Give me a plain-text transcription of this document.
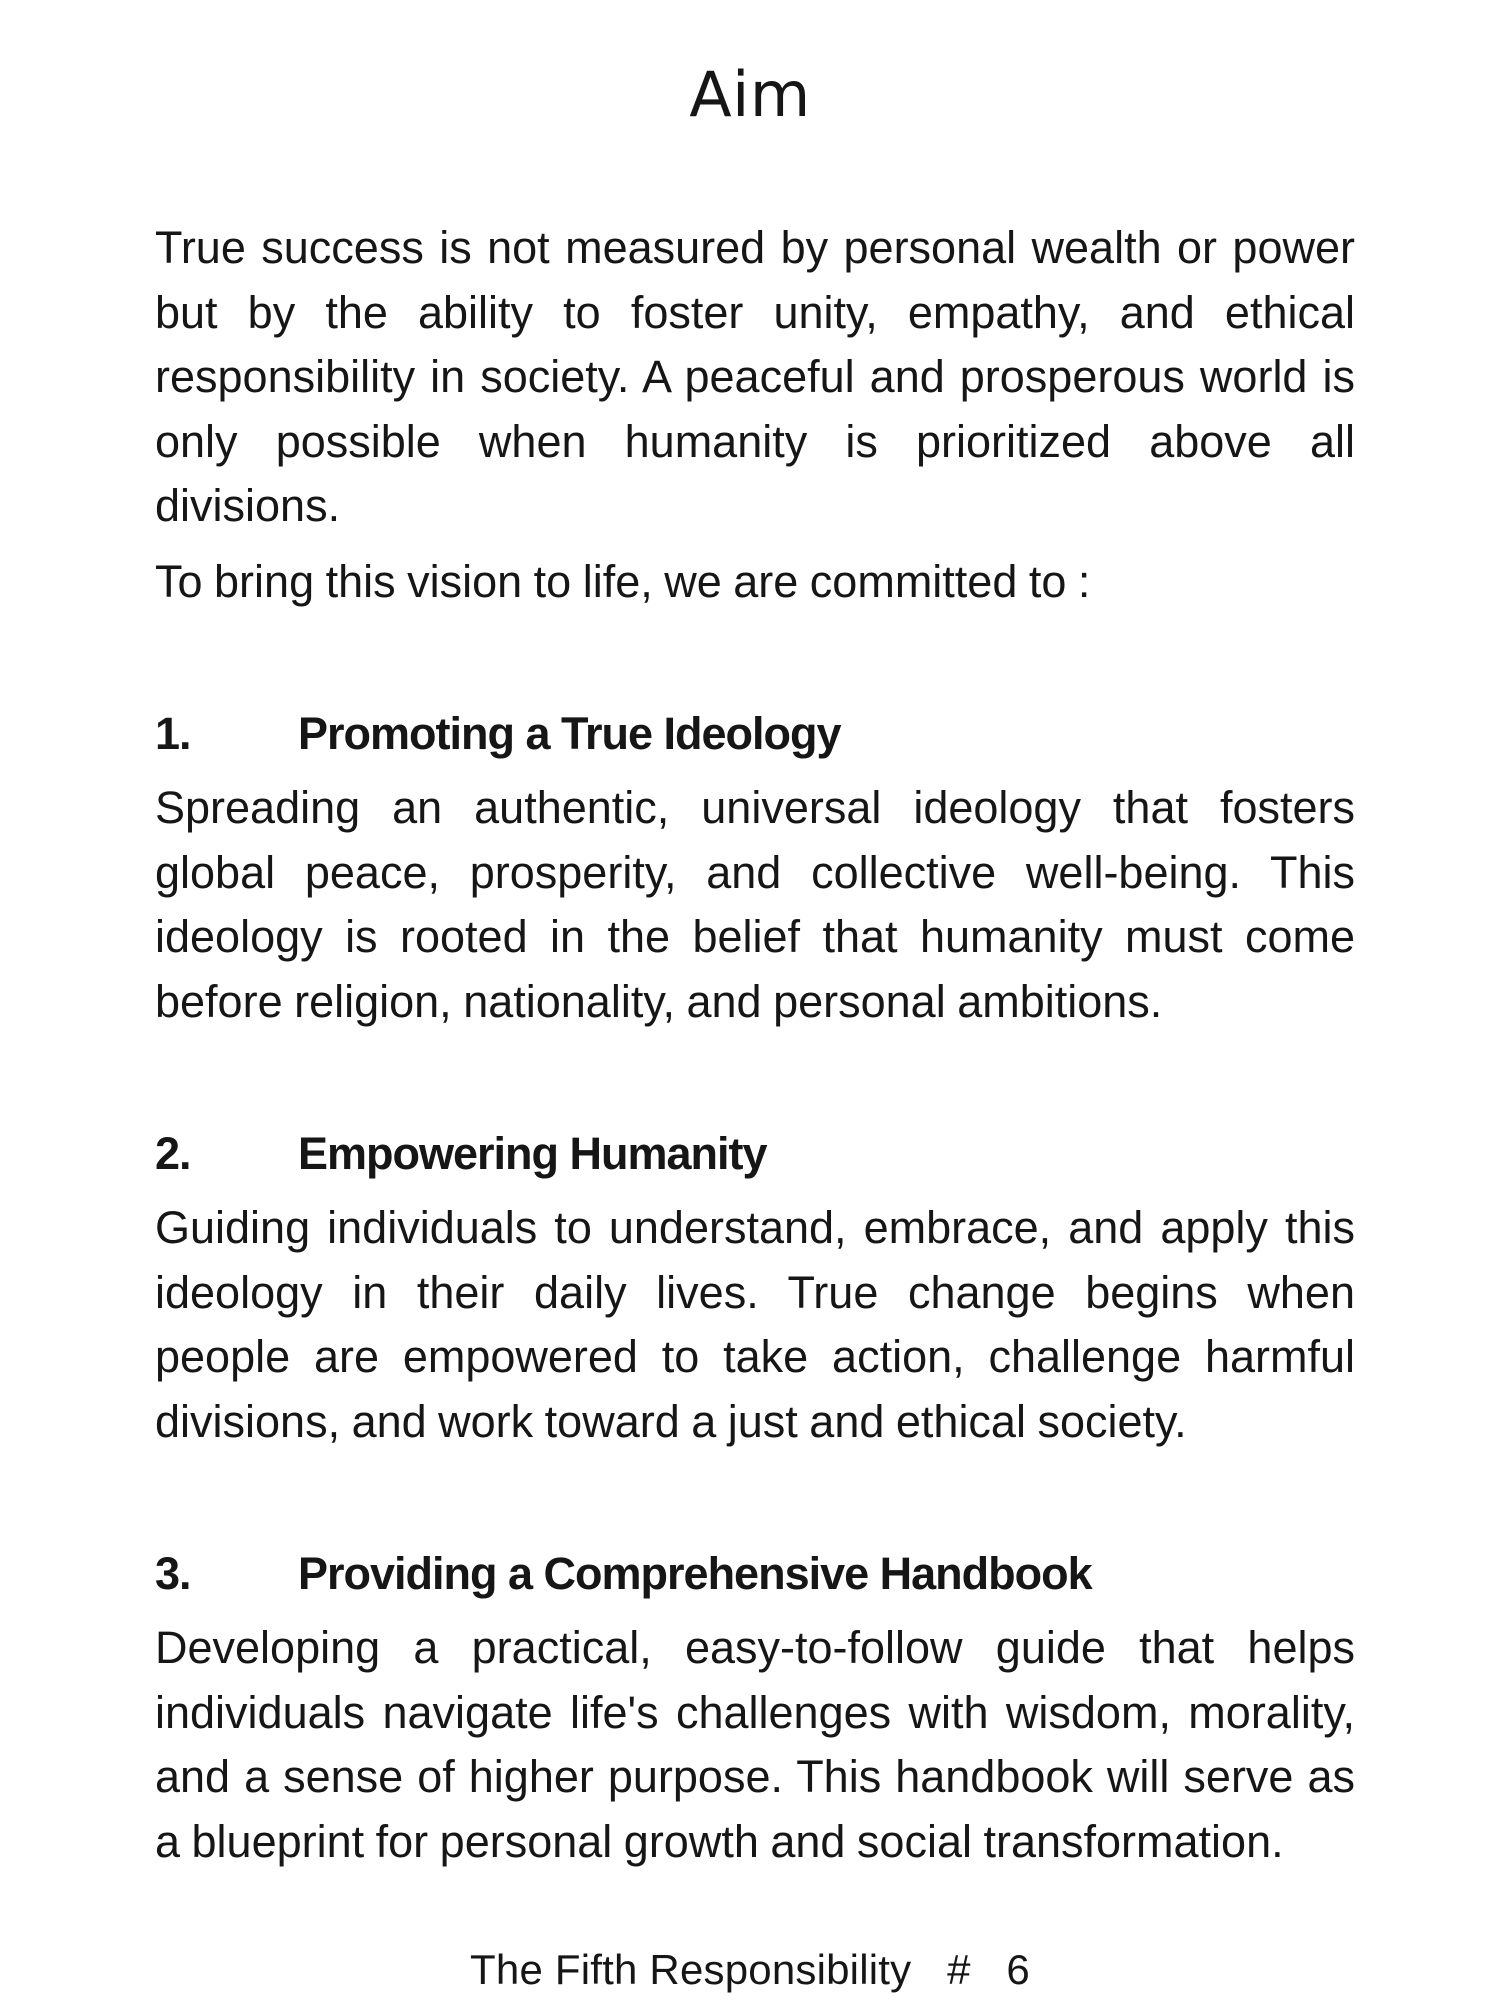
Aim

True success is not measured by personal wealth or power but by the ability to foster unity, empathy, and ethical responsibility in society. A peaceful and prosperous world is only possible when humanity is prioritized above all divisions.

To bring this vision to life, we are committed to :

1.	Promoting a True Ideology

Spreading an authentic, universal ideology that fosters global peace, prosperity, and collective well-being. This ideology is rooted in the belief that humanity must come before religion, nationality, and personal ambitions.

2.	Empowering Humanity

Guiding individuals to understand, embrace, and apply this ideology in their daily lives. True change begins when people are empowered to take action, challenge harmful divisions, and work toward a just and ethical society.

3.	Providing a Comprehensive Handbook

Developing a practical, easy-to-follow guide that helps individuals navigate life's challenges with wisdom, morality, and a sense of higher purpose. This handbook will serve as a blueprint for personal growth and social transformation.

The Fifth Responsibility # 6
